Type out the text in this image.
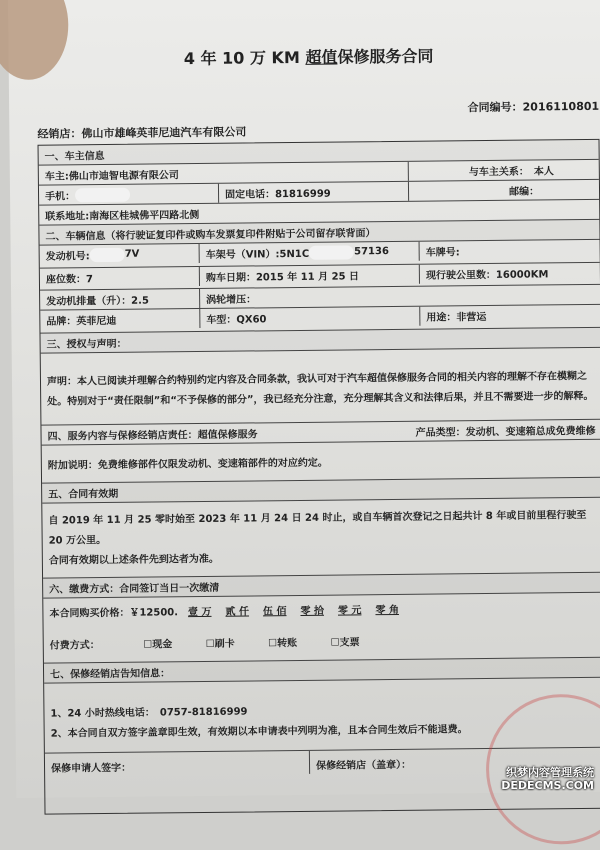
4 年 10 万 KM 超值保修服务合同
合同编号：2016110801
经销店：佛山市雄峰英菲尼迪汽车有限公司
一、车主信息
车主:佛山市迪智电源有限公司	与车主关系：　本人
手机：	固定电话：81816999	邮编：
联系地址:南海区桂城佛平四路北侧
二、车辆信息（将行驶证复印件或购车发票复印件附贴于公司留存联背面）
发动机号:	7V	车架号（VIN）:5N1C	57136	车牌号:
座位数：7	购车日期：2015 年 11 月 25 日	现行驶公里数：16000KM
发动机排量（升）：2.5	涡轮增压：
品牌：英菲尼迪	车型：QX60	用途：非营运
三、授权与声明：
声明：本人已阅读并理解合约特别约定内容及合同条款，我认可对于汽车超值保修服务合同的相关内容的理解不存在模糊之处。特别对于“责任限制”和“不予保修的部分”，我已经充分注意，充分理解其含义和法律后果，并且不需要进一步的解释。
四、服务内容与保修经销店责任：超值保修服务	产品类型：发动机、变速箱总成免费维修
附加说明：免费维修部件仅限发动机、变速箱部件的对应约定。
五、合同有效期
自 2019 年 11 月 25 零时始至 2023 年 11 月 24 日 24 时止，或自车辆首次登记之日起共计 8 年或目前里程行驶至 20 万公里。
合同有效期以上述条件先到达者为准。
六、缴费方式：合同签订当日一次缴清
本合同购买价格：￥12500.　 壹 万 贰 仟 伍 佰 零 拾 零 元 零 角
付费方式：	☐现金	☐刷卡	☐转账	☐支票
七、保修经销店告知信息：
1、24 小时热线电话：　0757-81816999
2、本合同自双方签字盖章即生效，有效期以本申请表中列明为准，且本合同生效后不能退费。
保修申请人签字：	保修经销店（盖章）：
织梦内容管理系统
DEDECMS.COM
